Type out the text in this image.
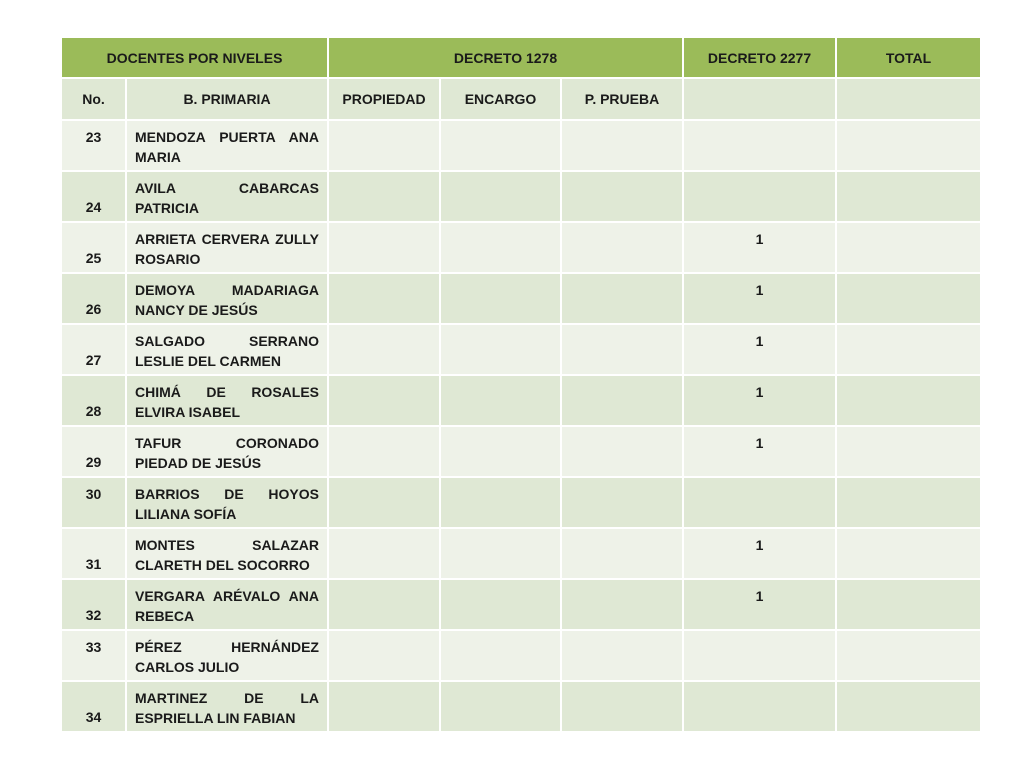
DOCENTES POR NIVELES		DECRETO 1278			DECRETO 2277	TOTAL
No.	B. PRIMARIA	PROPIEDAD	ENCARGO	P. PRUEBA		
23	MENDOZA PUERTA ANA MARIA					
24	AVILA CABARCAS PATRICIA					
25	ARRIETA CERVERA ZULLY ROSARIO				1	
26	DEMOYA MADARIAGA NANCY DE JESÚS				1	
27	SALGADO SERRANO LESLIE DEL CARMEN				1	
28	CHIMÁ DE ROSALES ELVIRA ISABEL				1	
29	TAFUR CORONADO PIEDAD DE JESÚS				1	
30	BARRIOS DE HOYOS LILIANA SOFÍA					
31	MONTES SALAZAR CLARETH DEL SOCORRO				1	
32	VERGARA ARÉVALO ANA REBECA				1	
33	PÉREZ HERNÁNDEZ CARLOS JULIO					
34	MARTINEZ DE LA ESPRIELLA LIN FABIAN					
